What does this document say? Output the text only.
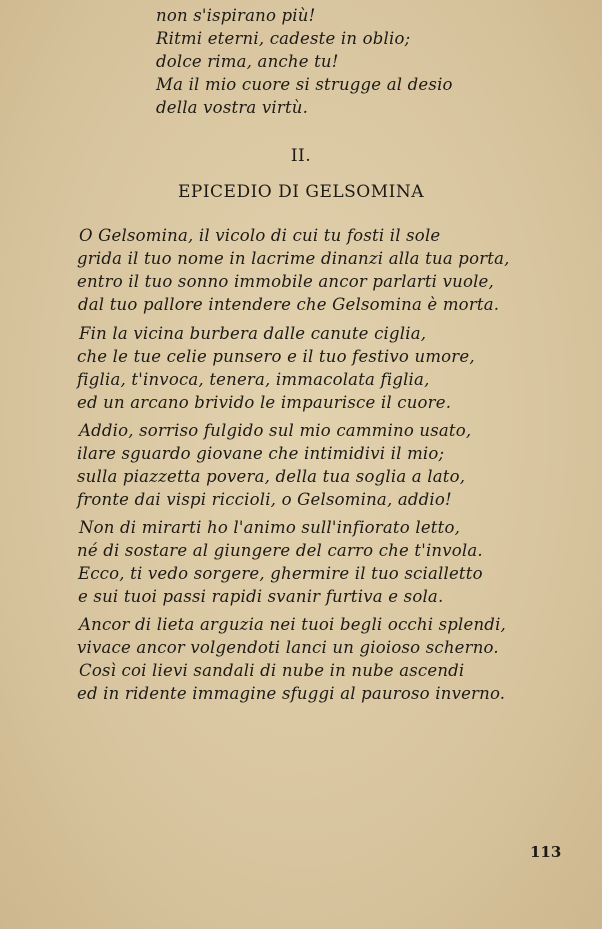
non s'ispirano più!
Ritmi eterni, cadeste in oblio;
dolce rima, anche tu!
Ma il mio cuore si strugge al desio
della vostra virtù.
II.
EPICEDIO DI GELSOMINA
O Gelsomina, il vicolo di cui tu fosti il sole
grida il tuo nome in lacrime dinanzi alla tua porta,
entro il tuo sonno immobile ancor parlarti vuole,
dal tuo pallore intendere che Gelsomina è morta.
Fin la vicina burbera dalle canute ciglia,
che le tue celie punsero e il tuo festivo umore,
figlia, t'invoca, tenera, immacolata figlia,
ed un arcano brivido le impaurisce il cuore.
Addio, sorriso fulgido sul mio cammino usato,
ilare sguardo giovane che intimidivi il mio;
sulla piazzetta povera, della tua soglia a lato,
fronte dai vispi riccioli, o Gelsomina, addio!
Non di mirarti ho l'animo sull'infiorato letto,
né di sostare al giungere del carro che t'invola.
Ecco, ti vedo sorgere, ghermire il tuo scialletto
e sui tuoi passi rapidi svanir furtiva e sola.
Ancor di lieta arguzia nei tuoi begli occhi splendi,
vivace ancor volgendoti lanci un gioioso scherno.
Così coi lievi sandali di nube in nube ascendi
ed in ridente immagine sfuggi al pauroso inverno.
113
